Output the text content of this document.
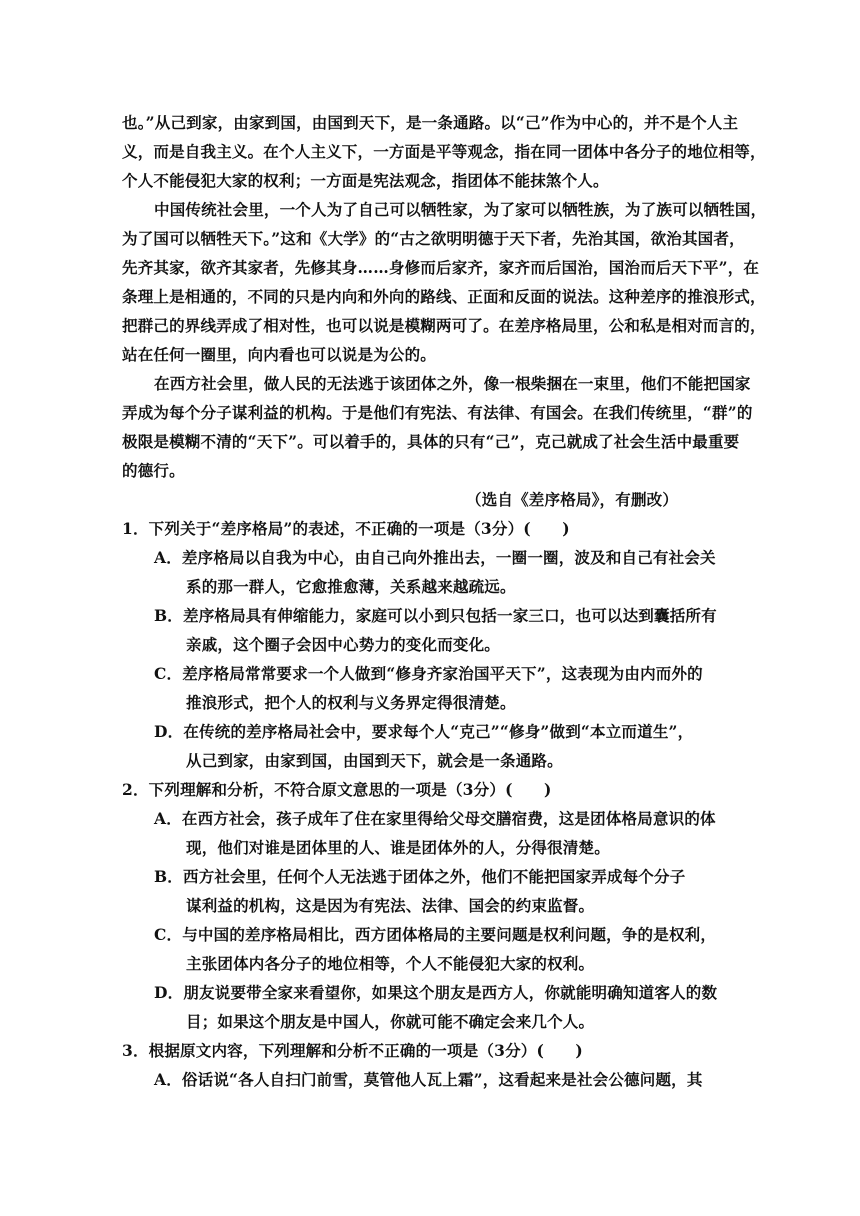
也。”从己到家，由家到国，由国到天下，是一条通路。以“己”作为中心的，并不是个人主
义，而是自我主义。在个人主义下，一方面是平等观念，指在同一团体中各分子的地位相等，
个人不能侵犯大家的权利；一方面是宪法观念，指团体不能抹煞个人。
中国传统社会里，一个人为了自己可以牺牲家，为了家可以牺牲族，为了族可以牺牲国，
为了国可以牺牲天下。”这和《大学》的“古之欲明明德于天下者，先治其国，欲治其国者，
先齐其家，欲齐其家者，先修其身……身修而后家齐，家齐而后国治，国治而后天下平”，在
条理上是相通的，不同的只是内向和外向的路线、正面和反面的说法。这种差序的推浪形式，
把群己的界线弄成了相对性，也可以说是模糊两可了。在差序格局里，公和私是相对而言的，
站在任何一圈里，向内看也可以说是为公的。
在西方社会里，做人民的无法逃于该团体之外，像一根柴捆在一束里，他们不能把国家
弄成为每个分子谋利益的机构。于是他们有宪法、有法律、有国会。在我们传统里，“群”的
极限是模糊不清的“天下”。可以着手的，具体的只有“己”，克己就成了社会生活中最重要
的德行。
（选自《差序格局》，有删改）
1．下列关于“差序格局”的表述，不正确的一项是（3分）(　　)
A．差序格局以自我为中心，由自己向外推出去，一圈一圈，波及和自己有社会关
系的那一群人，它愈推愈薄，关系越来越疏远。
B．差序格局具有伸缩能力，家庭可以小到只包括一家三口，也可以达到囊括所有
亲戚，这个圈子会因中心势力的变化而变化。
C．差序格局常常要求一个人做到“修身齐家治国平天下”，这表现为由内而外的
推浪形式，把个人的权利与义务界定得很清楚。
D．在传统的差序格局社会中，要求每个人“克己”“修身”做到“本立而道生”，
从己到家，由家到国，由国到天下，就会是一条通路。
2．下列理解和分析，不符合原文意思的一项是（3分）(　　)
A．在西方社会，孩子成年了住在家里得给父母交膳宿费，这是团体格局意识的体
现，他们对谁是团体里的人、谁是团体外的人，分得很清楚。
B．西方社会里，任何个人无法逃于团体之外，他们不能把国家弄成每个分子
谋利益的机构，这是因为有宪法、法律、国会的约束监督。
C．与中国的差序格局相比，西方团体格局的主要问题是权利问题，争的是权利，
主张团体内各分子的地位相等，个人不能侵犯大家的权利。
D．朋友说要带全家来看望你，如果这个朋友是西方人，你就能明确知道客人的数
目；如果这个朋友是中国人，你就可能不确定会来几个人。
3．根据原文内容，下列理解和分析不正确的一项是（3分）(　　)
A．俗话说“各人自扫门前雪，莫管他人瓦上霜”，这看起来是社会公德问题，其
